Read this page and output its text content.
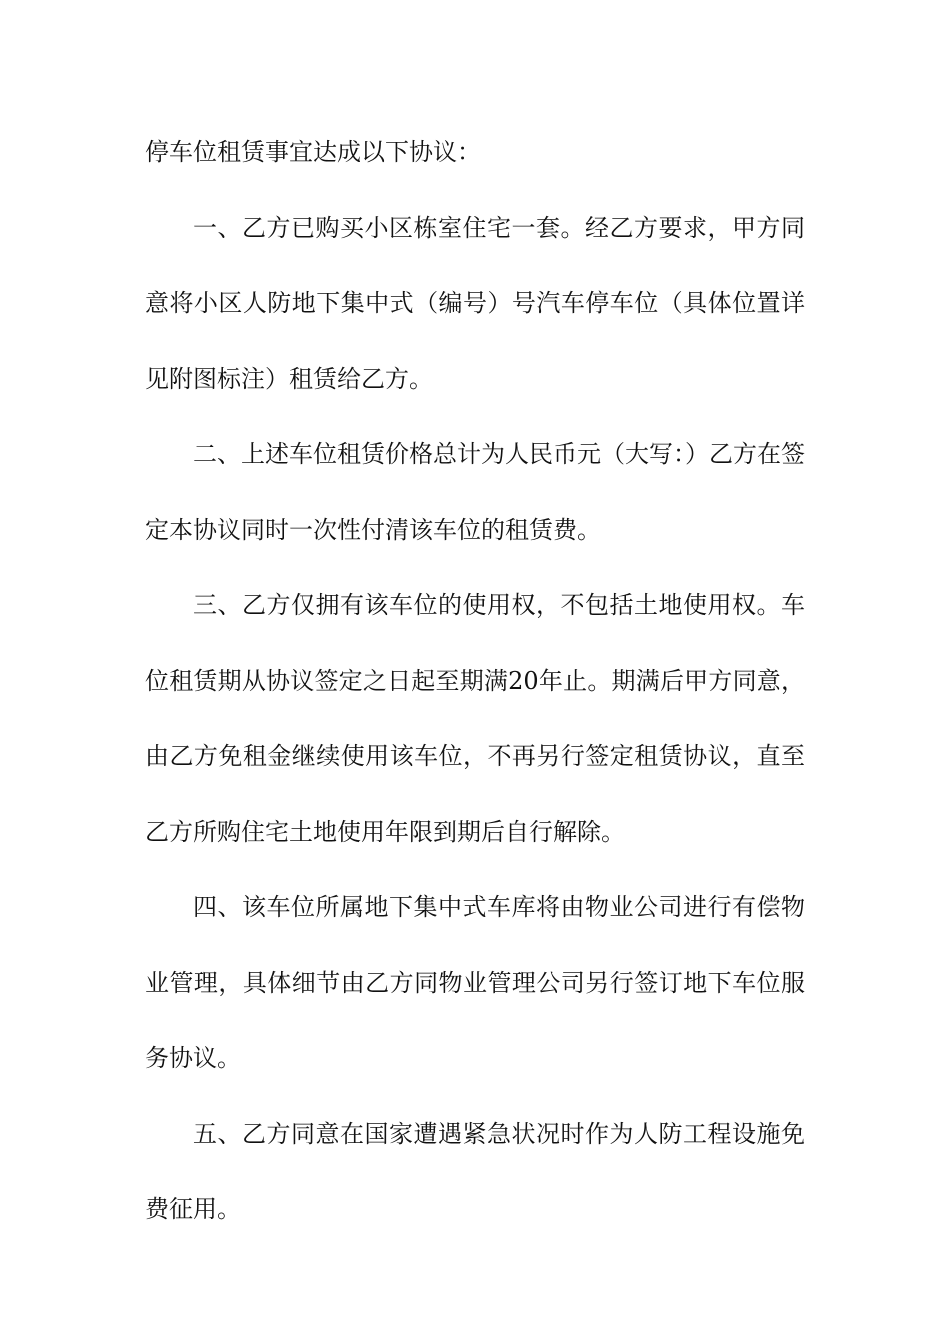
停车位租赁事宜达成以下协议：

一、乙方已购买小区栋室住宅一套。经乙方要求，甲方同意将小区人防地下集中式（编号）号汽车停车位（具体位置详见附图标注）租赁给乙方。

二、上述车位租赁价格总计为人民币元（大写：）乙方在签定本协议同时一次性付清该车位的租赁费。

三、乙方仅拥有该车位的使用权，不包括土地使用权。车位租赁期从协议签定之日起至期满20年止。期满后甲方同意，由乙方免租金继续使用该车位，不再另行签定租赁协议，直至乙方所购住宅土地使用年限到期后自行解除。

四、该车位所属地下集中式车库将由物业公司进行有偿物业管理，具体细节由乙方同物业管理公司另行签订地下车位服务协议。

五、乙方同意在国家遭遇紧急状况时作为人防工程设施免费征用。
